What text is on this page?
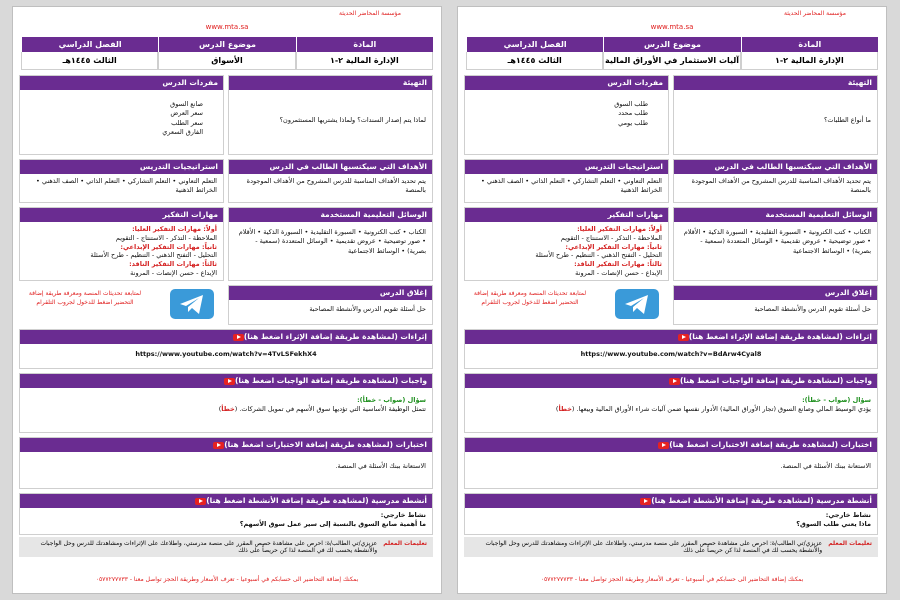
مؤسسة المحاضر الحديثة
www.mta.sa
المادة
موضوع الدرس
الفصل الدراسي
الإدارة المالية ٢-١
الأسواق
الثالث ١٤٤٥هـ
التهيئة
لماذا يتم إصدار السندات؟ ولماذا يشتريها المستثمرون؟
مفردات الدرس
صانع السوق
سعر العرض
سعر الطلب
الفارق السعري
الأهداف التي سيكتسبها الطالب في الدرس
يتم تحديد الأهداف المناسبة للدرس المشروح من الأهداف الموجودة بالمنصة
استراتيجيات التدريس
التعلم التعاوني • التعلم التشاركي • التعلم الذاتي • الصف الذهني • الخرائط الذهنية
الوسائل التعليمية المستخدمة
الكتاب • كتب الكترونية • السبورة التقليدية • السبورة الذكية • الأقلام • صور توضيحية • عروض تقديمية • الوسائل المتعددة (سمعية - بصرية) • الوسائط الاجتماعية
مهارات التفكير
أولاً: مهارات التفكير العليا:
الملاحظة - التذكر - الاستنتاج - التقويم
ثانياً: مهارات التفكير الإبداعي:
التحليل - التفتح الذهني - التنظيم - طرح الأسئلة
ثالثاً: مهارات التفكير الناقد:
الإبداع - حسن الإنصات - المرونة
إغلاق الدرس
حل أسئلة تقويم الدرس والأنشطة المصاحبة
لمتابعة تحديثات المنصة ومعرفة طريقة إضافة التحضير اضغط للدخول لجروب التلقرام
إثراءات (لمشاهدة طريقة إضافة الإثراء اضغط هنا)
https://www.youtube.com/watch?v=4TvLSFekhX4
واجبات (لمشاهدة طريقة إضافة الواجبات اضغط هنا)
سؤال (صواب - خطأ):
تتمثل الوظيفة الأساسية التي تؤديها سوق الأسهم في تمويل الشركات. (خطأ)
اختبارات (لمشاهدة طريقة إضافة الاختبارات اضغط هنا)
الاستعانة ببنك الأسئلة في المنصة.
أنشطة مدرسية (لمشاهدة طريقة إضافة الأنشطة اضغط هنا)
نشاط خارجي:
ما أهمية صانع السوق بالنسبة إلى سير عمل سوق الأسهم؟
تعليمات المعلم
عزيزي/تي الطالب/ة: احرص على مشاهدة حصص المقرر على منصة مدرستي، واطلاعك على الإثراءات ومشاهدتك للدرس وحل الواجبات والأنشطة يحسب لك في المنصة لذا كن حريصاً على ذلك
بمكنك إضافة التحاضير الى حسابكم في أسبوعيا - تعرف الأسعار وطريقة الحجز تواصل معنا - ٠٥٧٧٢٧٧٧٣٣
مؤسسة المحاضر الحديثة
www.mta.sa
المادة
موضوع الدرس
الفصل الدراسي
الإدارة المالية ٢-١
آليات الاستثمار في الأوراق المالية
الثالث ١٤٤٥هـ
التهيئة
ما أنواع الطلبات؟
مفردات الدرس
طلب السوق
طلب محدد
طلب يومي
الأهداف التي سيكتسبها الطالب في الدرس
يتم تحديد الأهداف المناسبة للدرس المشروح من الأهداف الموجودة بالمنصة
استراتيجيات التدريس
التعلم التعاوني • التعلم التشاركي • التعلم الذاتي • الصف الذهني • الخرائط الذهنية
الوسائل التعليمية المستخدمة
الكتاب • كتب الكترونية • السبورة التقليدية • السبورة الذكية • الأقلام • صور توضيحية • عروض تقديمية • الوسائل المتعددة (سمعية - بصرية) • الوسائط الاجتماعية
مهارات التفكير
أولاً: مهارات التفكير العليا:
الملاحظة - التذكر - الاستنتاج - التقويم
ثانياً: مهارات التفكير الإبداعي:
التحليل - التفتح الذهني - التنظيم - طرح الأسئلة
ثالثاً: مهارات التفكير الناقد:
الإبداع - حسن الإنصات - المرونة
إغلاق الدرس
حل أسئلة تقويم الدرس والأنشطة المصاحبة
لمتابعة تحديثات المنصة ومعرفة طريقة إضافة التحضير اضغط للدخول لجروب التلقرام
إثراءات (لمشاهدة طريقة إضافة الإثراء اضغط هنا)
https://www.youtube.com/watch?v=BdArw4Cyal8
واجبات (لمشاهدة طريقة إضافة الواجبات اضغط هنا)
سؤال (صواب - خطأ):
يؤدي الوسيط المالي وصانع السوق (تجار الأوراق المالية) الأدوار نفسها ضمن آليات شراء الأوراق المالية وبيعها. (خطأ)
اختبارات (لمشاهدة طريقة إضافة الاختبارات اضغط هنا)
الاستعانة ببنك الأسئلة في المنصة.
أنشطة مدرسية (لمشاهدة طريقة إضافة الأنشطة اضغط هنا)
نشاط خارجي:
ماذا يعني طلب السوق؟
تعليمات المعلم
عزيزي/تي الطالب/ة: احرص على مشاهدة حصص المقرر على منصة مدرستي، واطلاعك على الإثراءات ومشاهدتك للدرس وحل الواجبات والأنشطة يحسب لك في المنصة لذا كن حريصاً على ذلك
بمكنك إضافة التحاضير الى حسابكم في أسبوعيا - تعرف الأسعار وطريقة الحجز تواصل معنا - ٠٥٧٧٢٧٧٧٣٣
